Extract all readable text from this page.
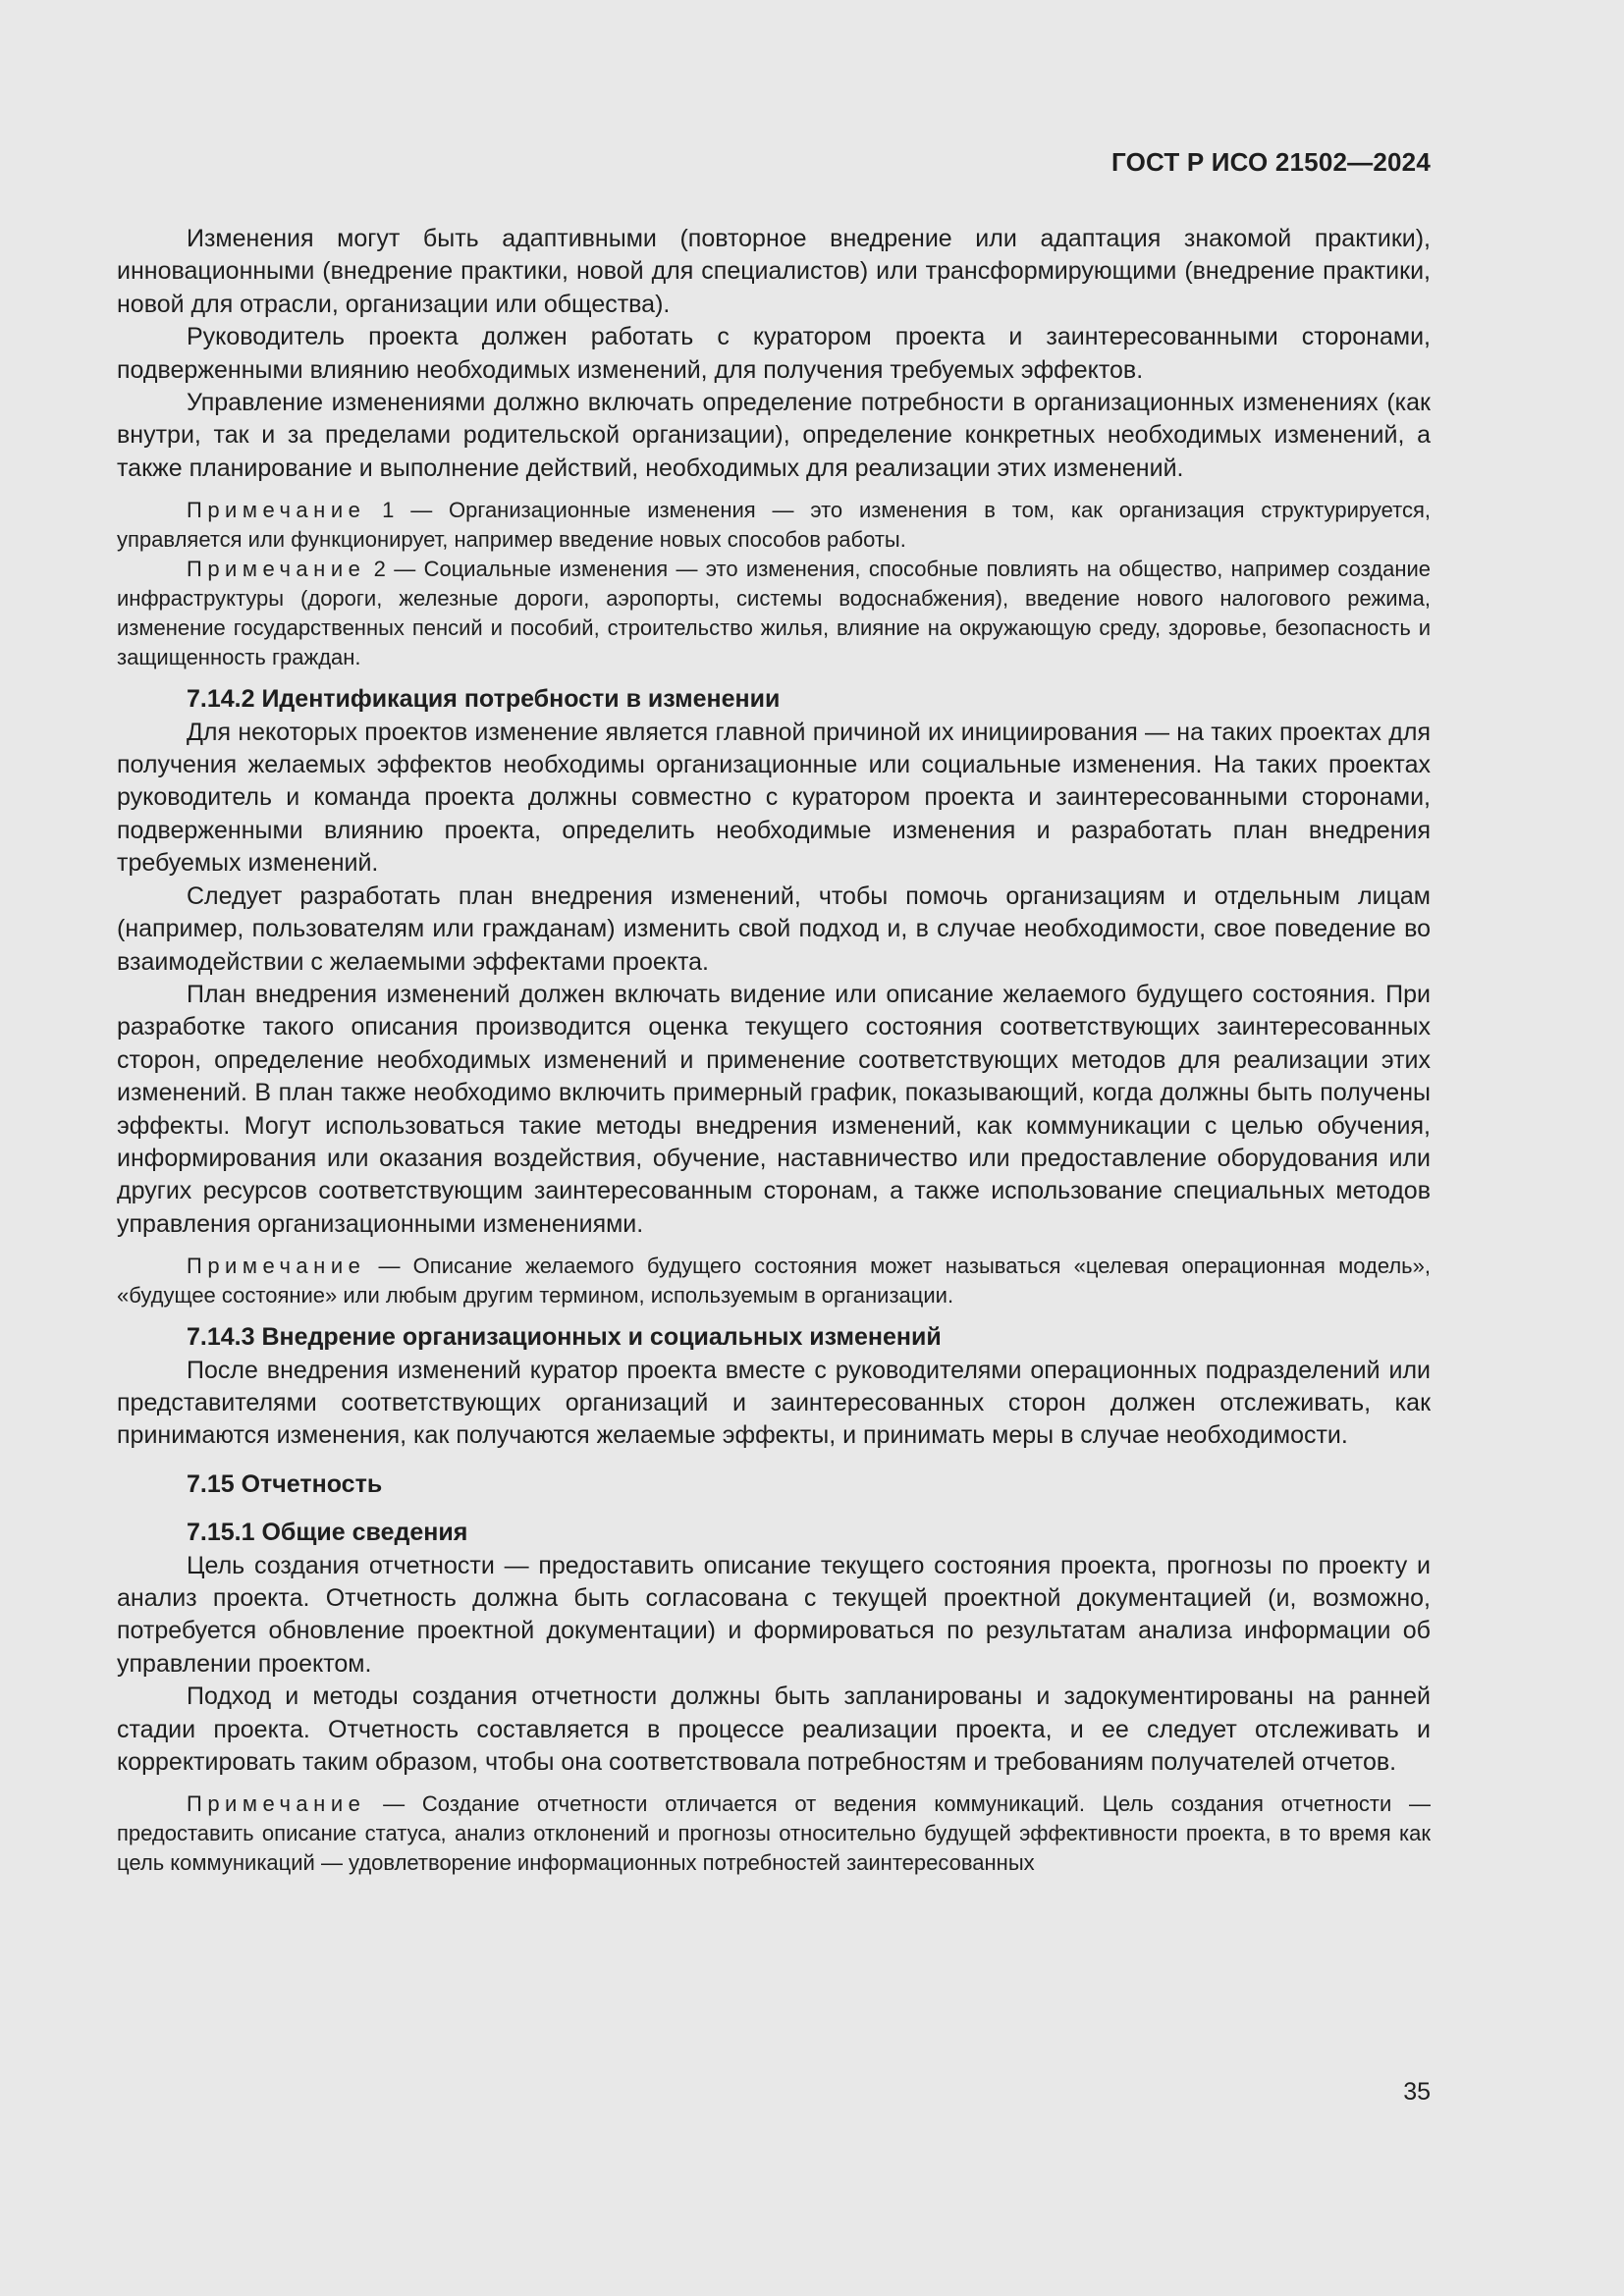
ГОСТ Р ИСО 21502—2024

Изменения могут быть адаптивными (повторное внедрение или адаптация знакомой практики), инновационными (внедрение практики, новой для специалистов) или трансформирующими (внедрение практики, новой для отрасли, организации или общества).

Руководитель проекта должен работать с куратором проекта и заинтересованными сторонами, подверженными влиянию необходимых изменений, для получения требуемых эффектов.

Управление изменениями должно включать определение потребности в организационных изменениях (как внутри, так и за пределами родительской организации), определение конкретных необходимых изменений, а также планирование и выполнение действий, необходимых для реализации этих изменений.

Примечание 1 — Организационные изменения — это изменения в том, как организация структурируется, управляется или функционирует, например введение новых способов работы.

Примечание 2 — Социальные изменения — это изменения, способные повлиять на общество, например создание инфраструктуры (дороги, железные дороги, аэропорты, системы водоснабжения), введение нового налогового режима, изменение государственных пенсий и пособий, строительство жилья, влияние на окружающую среду, здоровье, безопасность и защищенность граждан.

7.14.2 Идентификация потребности в изменении

Для некоторых проектов изменение является главной причиной их инициирования — на таких проектах для получения желаемых эффектов необходимы организационные или социальные изменения. На таких проектах руководитель и команда проекта должны совместно с куратором проекта и заинтересованными сторонами, подверженными влиянию проекта, определить необходимые изменения и разработать план внедрения требуемых изменений.

Следует разработать план внедрения изменений, чтобы помочь организациям и отдельным лицам (например, пользователям или гражданам) изменить свой подход и, в случае необходимости, свое поведение во взаимодействии с желаемыми эффектами проекта.

План внедрения изменений должен включать видение или описание желаемого будущего состояния. При разработке такого описания производится оценка текущего состояния соответствующих заинтересованных сторон, определение необходимых изменений и применение соответствующих методов для реализации этих изменений. В план также необходимо включить примерный график, показывающий, когда должны быть получены эффекты. Могут использоваться такие методы внедрения изменений, как коммуникации с целью обучения, информирования или оказания воздействия, обучение, наставничество или предоставление оборудования или других ресурсов соответствующим заинтересованным сторонам, а также использование специальных методов управления организационными изменениями.

Примечание — Описание желаемого будущего состояния может называться «целевая операционная модель», «будущее состояние» или любым другим термином, используемым в организации.

7.14.3 Внедрение организационных и социальных изменений

После внедрения изменений куратор проекта вместе с руководителями операционных подразделений или представителями соответствующих организаций и заинтересованных сторон должен отслеживать, как принимаются изменения, как получаются желаемые эффекты, и принимать меры в случае необходимости.

7.15 Отчетность
7.15.1 Общие сведения

Цель создания отчетности — предоставить описание текущего состояния проекта, прогнозы по проекту и анализ проекта. Отчетность должна быть согласована с текущей проектной документацией (и, возможно, потребуется обновление проектной документации) и формироваться по результатам анализа информации об управлении проектом.

Подход и методы создания отчетности должны быть запланированы и задокументированы на ранней стадии проекта. Отчетность составляется в процессе реализации проекта, и ее следует отслеживать и корректировать таким образом, чтобы она соответствовала потребностям и требованиям получателей отчетов.

Примечание — Создание отчетности отличается от ведения коммуникаций. Цель создания отчетности — предоставить описание статуса, анализ отклонений и прогнозы относительно будущей эффективности проекта, в то время как цель коммуникаций — удовлетворение информационных потребностей заинтересованных

35
